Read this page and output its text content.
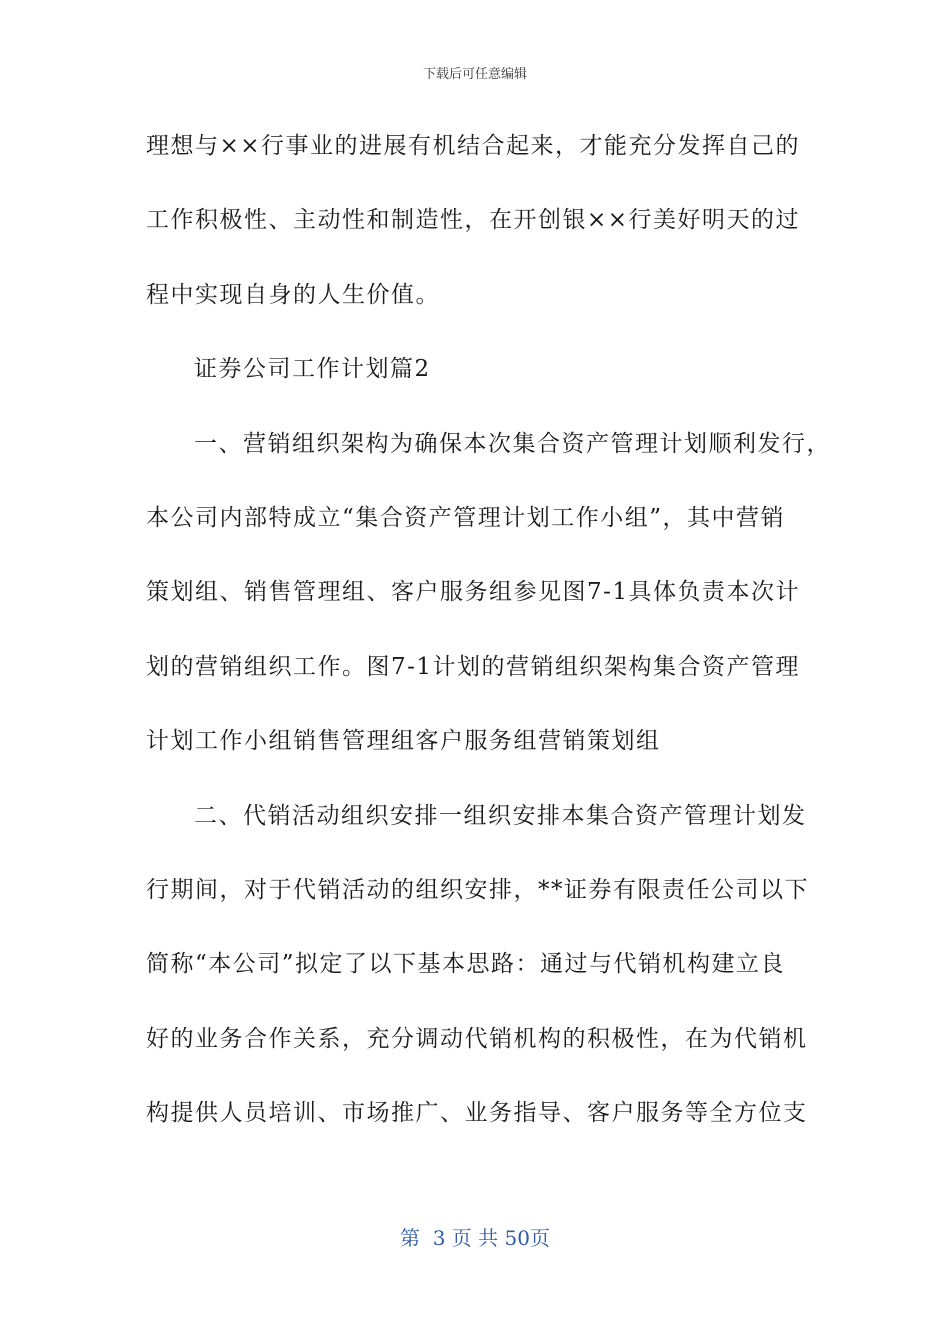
下载后可任意编辑
理想与××行事业的进展有机结合起来，才能充分发挥自己的
工作积极性、主动性和制造性，在开创银××行美好明天的过
程中实现自身的人生价值。
证券公司工作计划篇2
一、营销组织架构为确保本次集合资产管理计划顺利发行，
本公司内部特成立“集合资产管理计划工作小组”，其中营销
策划组、销售管理组、客户服务组参见图7-1具体负责本次计
划的营销组织工作。图7-1计划的营销组织架构集合资产管理
计划工作小组销售管理组客户服务组营销策划组
二、代销活动组织安排一组织安排本集合资产管理计划发
行期间，对于代销活动的组织安排，**证券有限责任公司以下
简称“本公司”拟定了以下基本思路：通过与代销机构建立良
好的业务合作关系，充分调动代销机构的积极性，在为代销机
构提供人员培训、市场推广、业务指导、客户服务等全方位支
第  3 页 共 50页
